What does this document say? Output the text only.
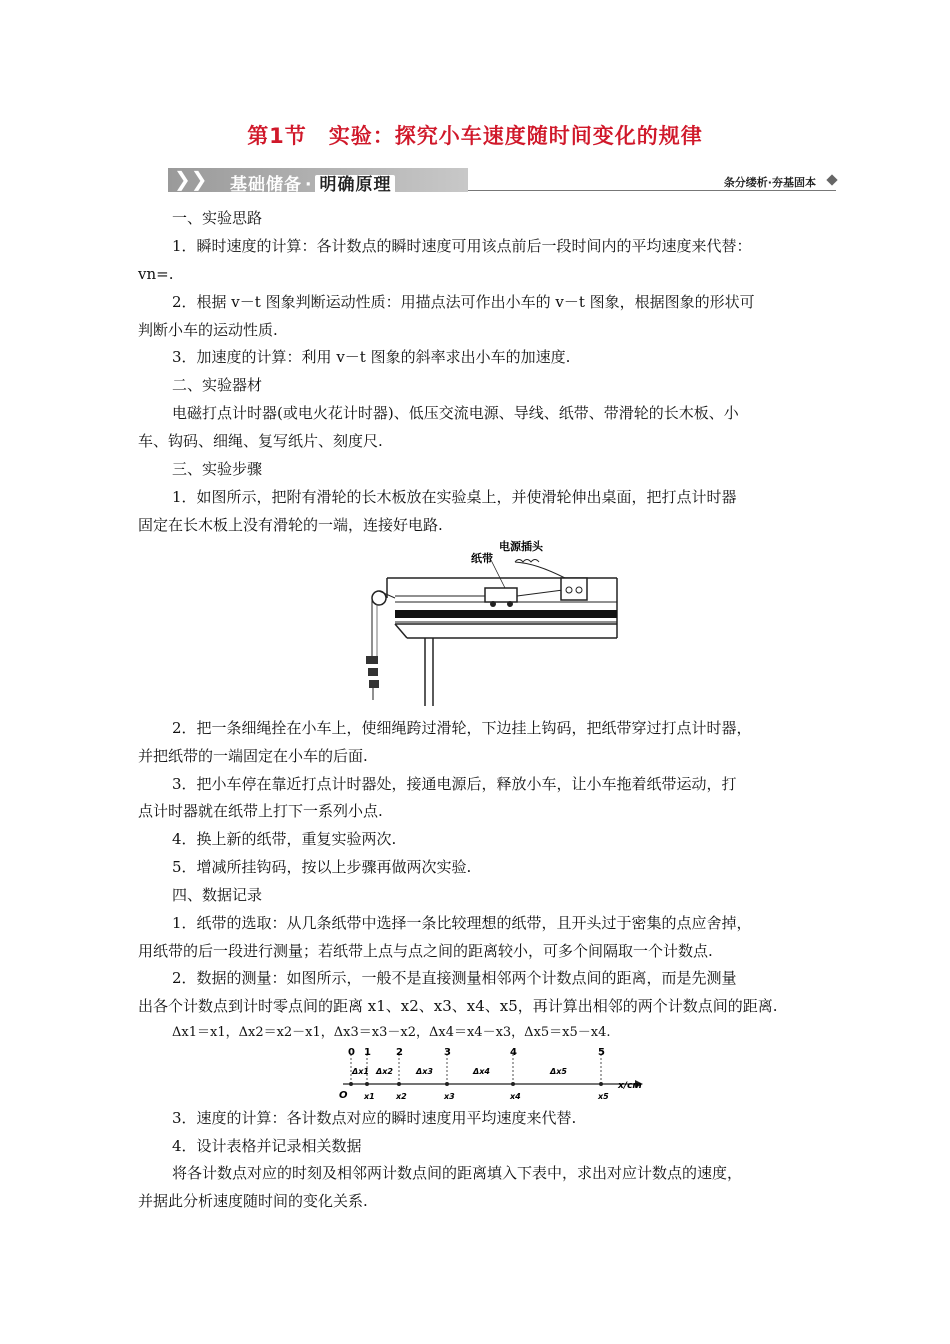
第1节　实验：探究小车速度随时间变化的规律
❯❯ 基础储备 · 明确原理	条分缕析·夯基固本
一、实验思路
1．瞬时速度的计算：各计数点的瞬时速度可用该点前后一段时间内的平均速度来代替：
vn=.
2．根据 v－t 图象判断运动性质：用描点法可作出小车的 v－t 图象，根据图象的形状可
判断小车的运动性质.
3．加速度的计算：利用 v－t 图象的斜率求出小车的加速度.
二、实验器材
电磁打点计时器(或电火花计时器)、低压交流电源、导线、纸带、带滑轮的长木板、小
车、钩码、细绳、复写纸片、刻度尺.
三、实验步骤
1．如图所示，把附有滑轮的长木板放在实验桌上，并使滑轮伸出桌面，把打点计时器
固定在长木板上没有滑轮的一端，连接好电路.
纸带
电源插头
2．把一条细绳拴在小车上，使细绳跨过滑轮，下边挂上钩码，把纸带穿过打点计时器，
并把纸带的一端固定在小车的后面.
3．把小车停在靠近打点计时器处，接通电源后，释放小车，让小车拖着纸带运动，打
点计时器就在纸带上打下一系列小点.
4．换上新的纸带，重复实验两次.
5．增减所挂钩码，按以上步骤再做两次实验.
四、数据记录
1．纸带的选取：从几条纸带中选择一条比较理想的纸带，且开头过于密集的点应舍掉，
用纸带的后一段进行测量；若纸带上点与点之间的距离较小，可多个间隔取一个计数点.
2．数据的测量：如图所示，一般不是直接测量相邻两个计数点间的距离，而是先测量
出各个计数点到计时零点间的距离 x1、x2、x3、x4、x5，再计算出相邻的两个计数点间的距离.
Δx1＝x1，Δx2＝x2－x1，Δx3＝x3－x2，Δx4＝x4－x3，Δx5＝x5－x4.
x/cm
O
0 1
x1
Δx1
2
x2
Δx2
3
x3
Δx3
4
x4
Δx4
5
x5
Δx5
3．速度的计算：各计数点对应的瞬时速度用平均速度来代替.
4．设计表格并记录相关数据
将各计数点对应的时刻及相邻两计数点间的距离填入下表中，求出对应计数点的速度，
并据此分析速度随时间的变化关系.
